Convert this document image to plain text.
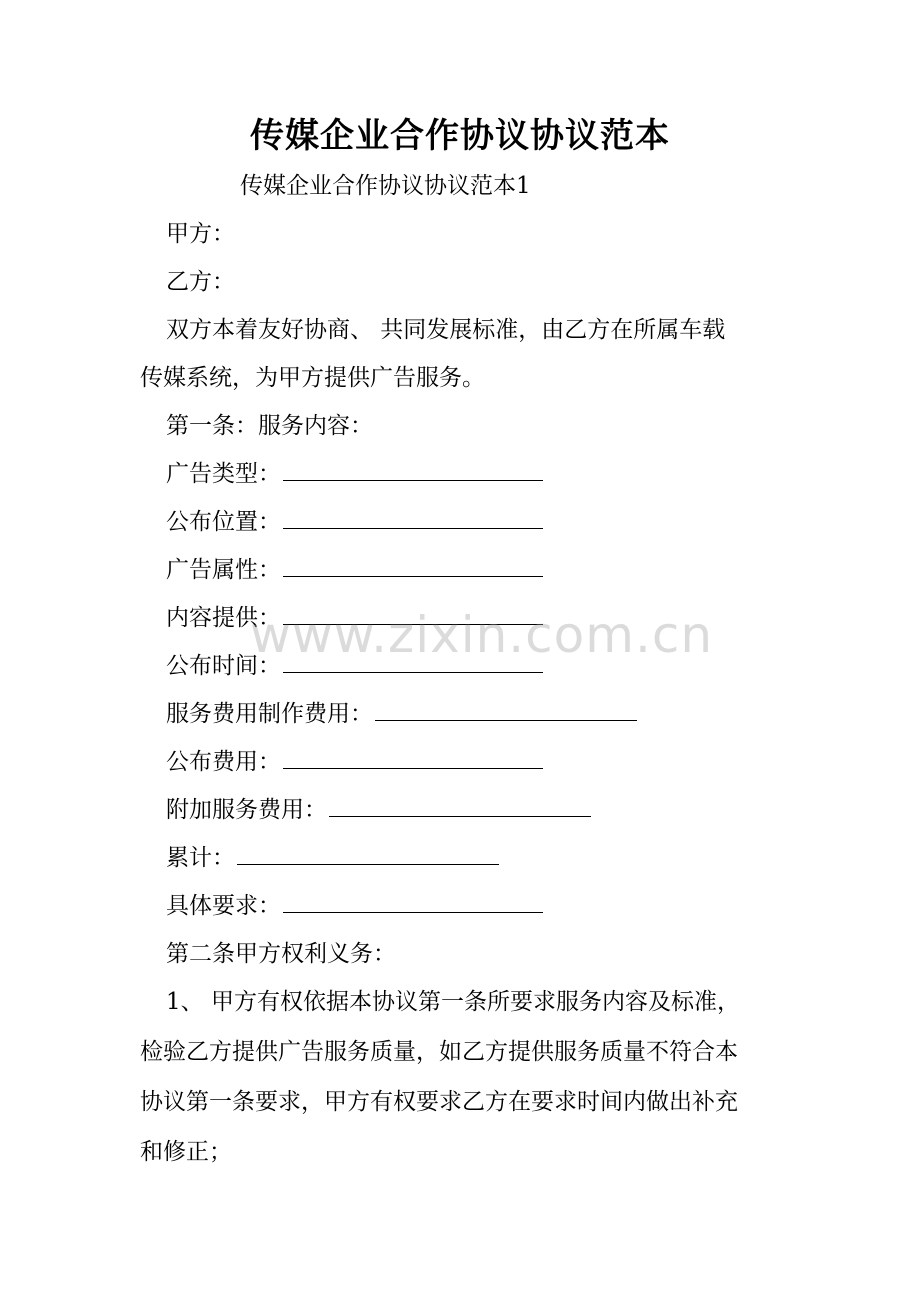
传媒企业合作协议协议范本
传媒企业合作协议协议范本1
甲方：
乙方：
双方本着友好协商、 共同发展标准，由乙方在所属车载
传媒系统，为甲方提供广告服务。
第一条：服务内容：
广告类型：
公布位置：
广告属性：
内容提供：
公布时间：
服务费用制作费用：
公布费用：
附加服务费用：
累计：
具体要求：
第二条甲方权利义务：
1、 甲方有权依据本协议第一条所要求服务内容及标准，
检验乙方提供广告服务质量，如乙方提供服务质量不符合本
协议第一条要求，甲方有权要求乙方在要求时间内做出补充
和修正；
www.zixin.com.cn
